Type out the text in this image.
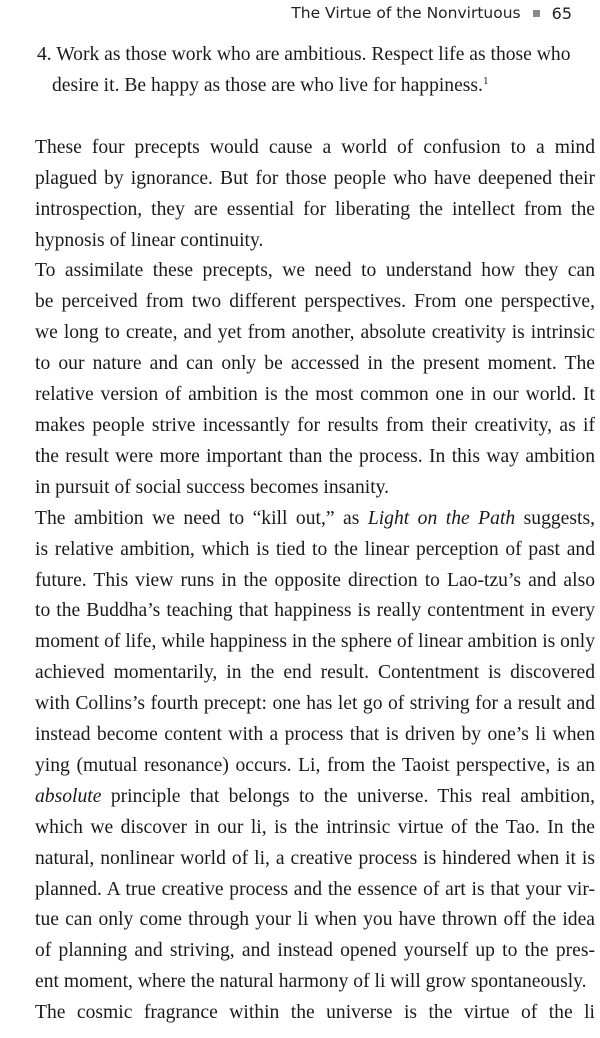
The Virtue of the Nonvirtuous 65
4. Work as those work who are ambitious. Respect life as those who
desire it. Be happy as those are who live for happiness.$^1$
These four precepts would cause a world of confusion to a mind
plagued by ignorance. But for those people who have deepened their
introspection, they are essential for liberating the intellect from the
hypnosis of linear continuity.
To assimilate these precepts, we need to understand how they can
be perceived from two different perspectives. From one perspective,
we long to create, and yet from another, absolute creativity is intrinsic
to our nature and can only be accessed in the present moment. The
relative version of ambition is the most common one in our world. It
makes people strive incessantly for results from their creativity, as if
the result were more important than the process. In this way ambition
in pursuit of social success becomes insanity.
The ambition we need to “kill out,” as Light on the Path suggests,
is relative ambition, which is tied to the linear perception of past and
future. This view runs in the opposite direction to Lao-tzu’s and also
to the Buddha’s teaching that happiness is really contentment in every
moment of life, while happiness in the sphere of linear ambition is only
achieved momentarily, in the end result. Contentment is discovered
with Collins’s fourth precept: one has let go of striving for a result and
instead become content with a process that is driven by one’s li when
ying (mutual resonance) occurs. Li, from the Taoist perspective, is an
absolute principle that belongs to the universe. This real ambition,
which we discover in our li, is the intrinsic virtue of the Tao. In the
natural, nonlinear world of li, a creative process is hindered when it is
planned. A true creative process and the essence of art is that your vir-
tue can only come through your li when you have thrown off the idea
of planning and striving, and instead opened yourself up to the pres-
ent moment, where the natural harmony of li will grow spontaneously.
The cosmic fragrance within the universe is the virtue of the li
